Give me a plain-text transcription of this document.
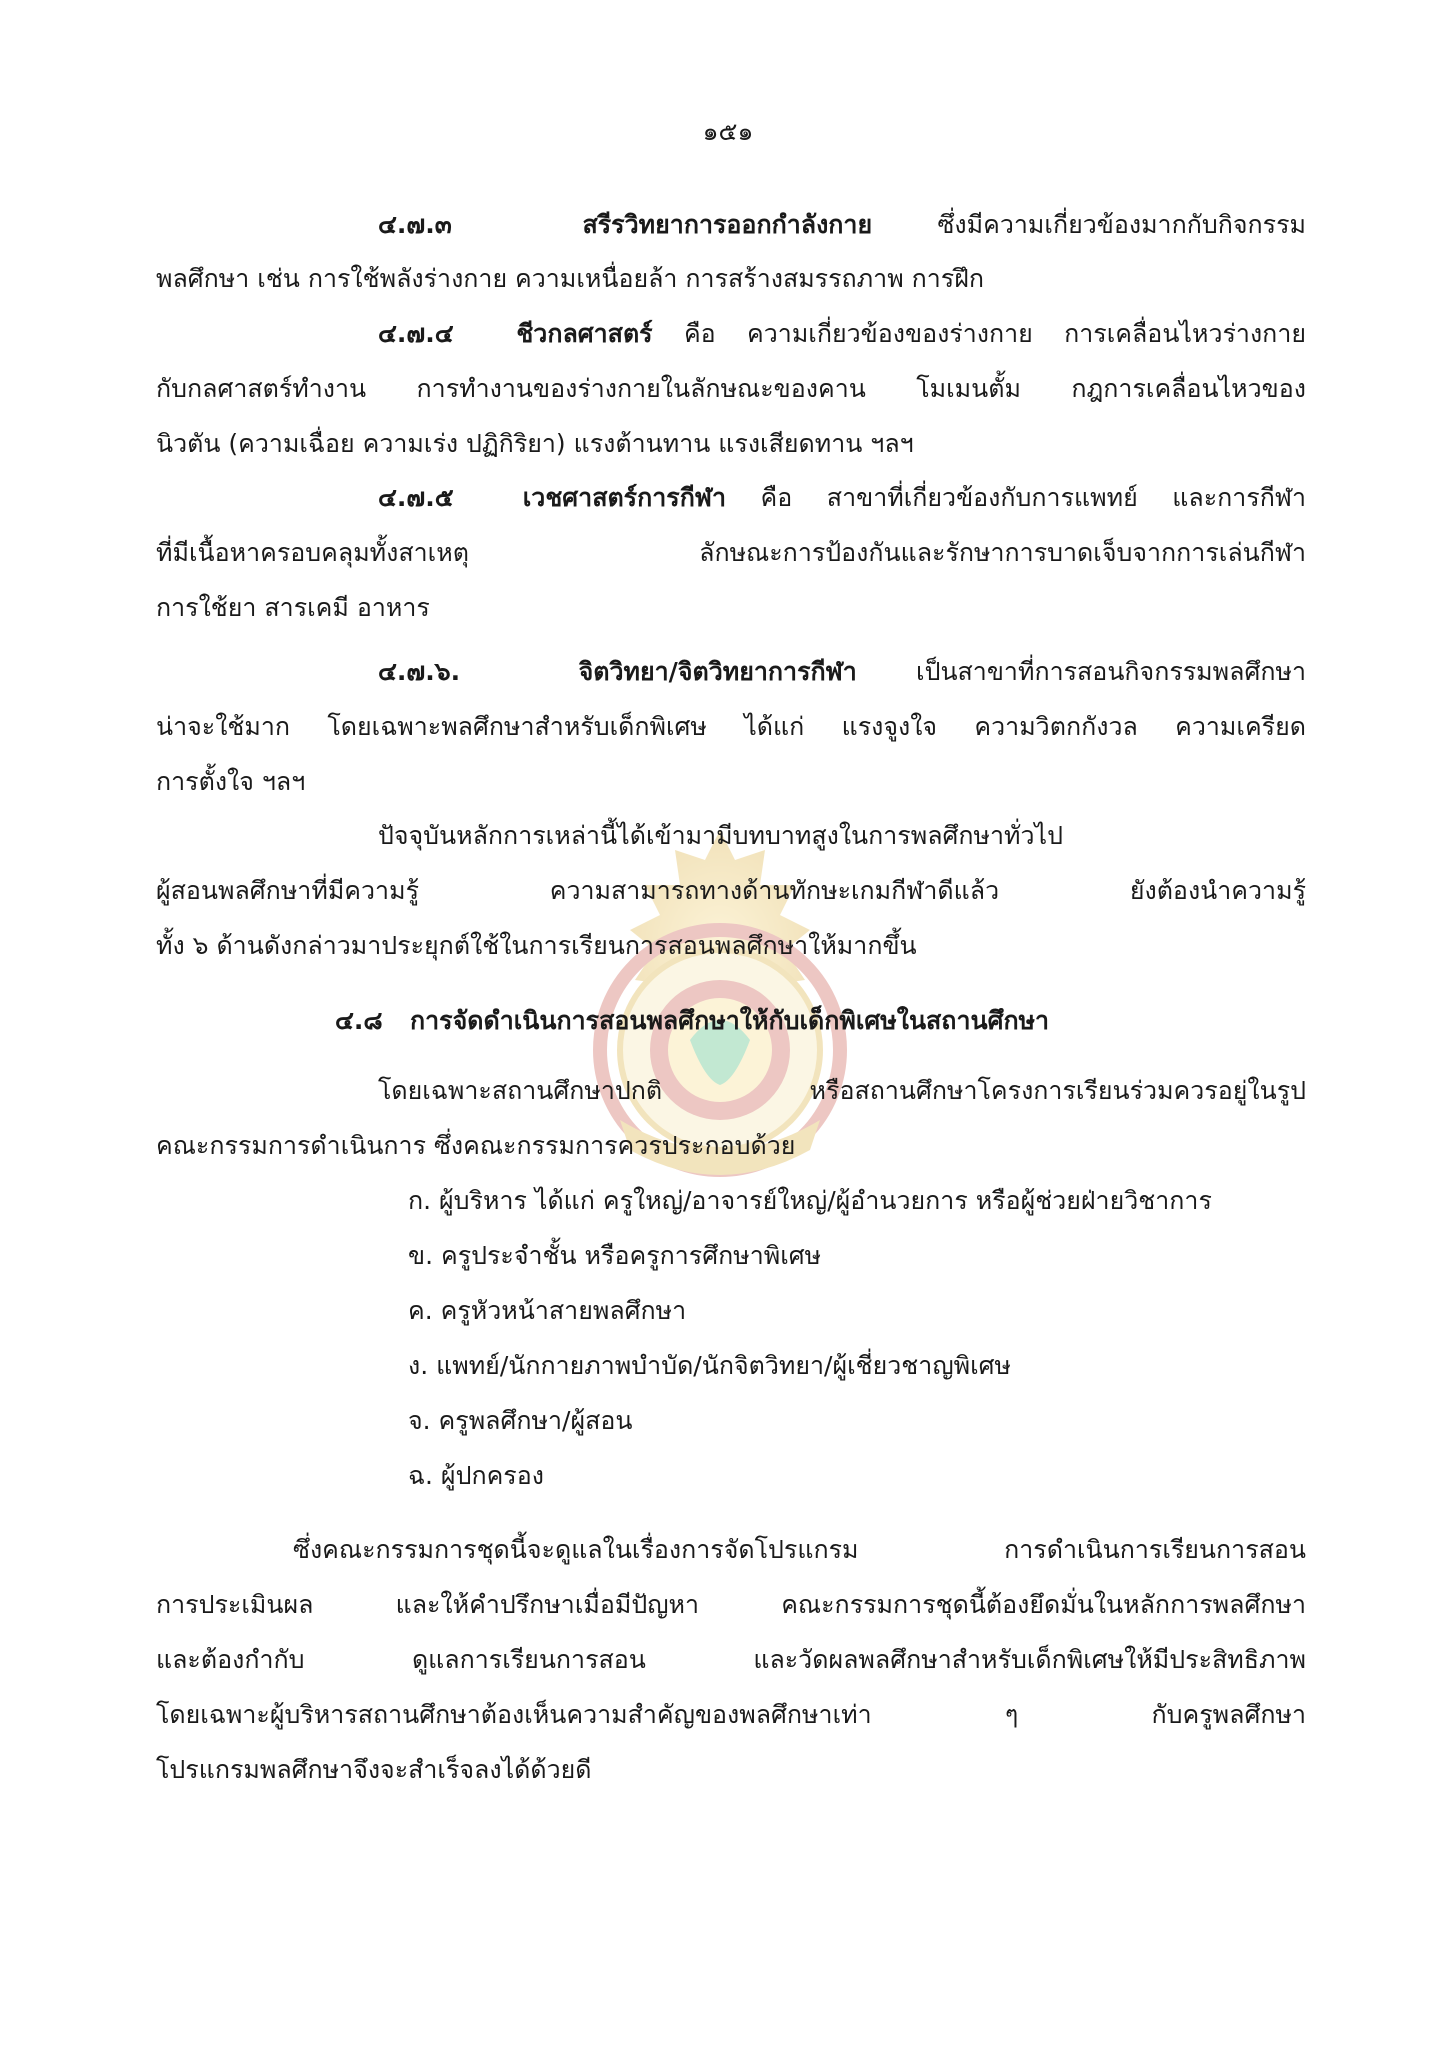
๑๕๑
๔.๗.๓	สรีรวิทยาการออกกำลังกาย	ซึ่งมีความเกี่ยวข้องมากกับกิจกรรม
พลศึกษา เช่น การใช้พลังร่างกาย ความเหนื่อยล้า การสร้างสมรรถภาพ การฝึก
๔.๗.๔	ชีวกลศาสตร์ คือ ความเกี่ยวข้องของร่างกาย การเคลื่อนไหวร่างกาย
กับกลศาสตร์ทำงาน การทำงานของร่างกายในลักษณะของคาน โมเมนตั้ม กฎการเคลื่อนไหวของ
นิวตัน (ความเฉื่อย ความเร่ง ปฏิกิริยา) แรงต้านทาน แรงเสียดทาน ฯลฯ
๔.๗.๕	เวชศาสตร์การกีฬา คือ สาขาที่เกี่ยวข้องกับการแพทย์ และการกีฬา
ที่มีเนื้อหาครอบคลุมทั้งสาเหตุ ลักษณะการป้องกันและรักษาการบาดเจ็บจากการเล่นกีฬา
การใช้ยา สารเคมี อาหาร
๔.๗.๖.	จิตวิทยา/จิตวิทยาการกีฬา เป็นสาขาที่การสอนกิจกรรมพลศึกษา
น่าจะใช้มาก โดยเฉพาะพลศึกษาสำหรับเด็กพิเศษ ได้แก่ แรงจูงใจ ความวิตกกังวล ความเครียด
การตั้งใจ ฯลฯ
ปัจจุบันหลักการเหล่านี้ได้เข้ามามีบทบาทสูงในการพลศึกษาทั่วไป
ผู้สอนพลศึกษาที่มีความรู้ ความสามารถทางด้านทักษะเกมกีฬาดีแล้ว ยังต้องนำความรู้
ทั้ง ๖ ด้านดังกล่าวมาประยุกต์ใช้ในการเรียนการสอนพลศึกษาให้มากขึ้น
๔.๘ การจัดดำเนินการสอนพลศึกษาให้กับเด็กพิเศษในสถานศึกษา
โดยเฉพาะสถานศึกษาปกติ หรือสถานศึกษาโครงการเรียนร่วมควรอยู่ในรูป
คณะกรรมการดำเนินการ ซึ่งคณะกรรมการควรประกอบด้วย
ก. ผู้บริหาร ได้แก่ ครูใหญ่/อาจารย์ใหญ่/ผู้อำนวยการ หรือผู้ช่วยฝ่ายวิชาการ
ข. ครูประจำชั้น หรือครูการศึกษาพิเศษ
ค. ครูหัวหน้าสายพลศึกษา
ง. แพทย์/นักกายภาพบำบัด/นักจิตวิทยา/ผู้เชี่ยวชาญพิเศษ
จ. ครูพลศึกษา/ผู้สอน
ฉ. ผู้ปกครอง
ซึ่งคณะกรรมการชุดนี้จะดูแลในเรื่องการจัดโปรแกรม การดำเนินการเรียนการสอน
การประเมินผล และให้คำปรึกษาเมื่อมีปัญหา คณะกรรมการชุดนี้ต้องยึดมั่นในหลักการพลศึกษา
และต้องกำกับ ดูแลการเรียนการสอน และวัดผลพลศึกษาสำหรับเด็กพิเศษให้มีประสิทธิภาพ
โดยเฉพาะผู้บริหารสถานศึกษาต้องเห็นความสำคัญของพลศึกษาเท่า ๆ กับครูพลศึกษา
โปรแกรมพลศึกษาจึงจะสำเร็จลงได้ด้วยดี
